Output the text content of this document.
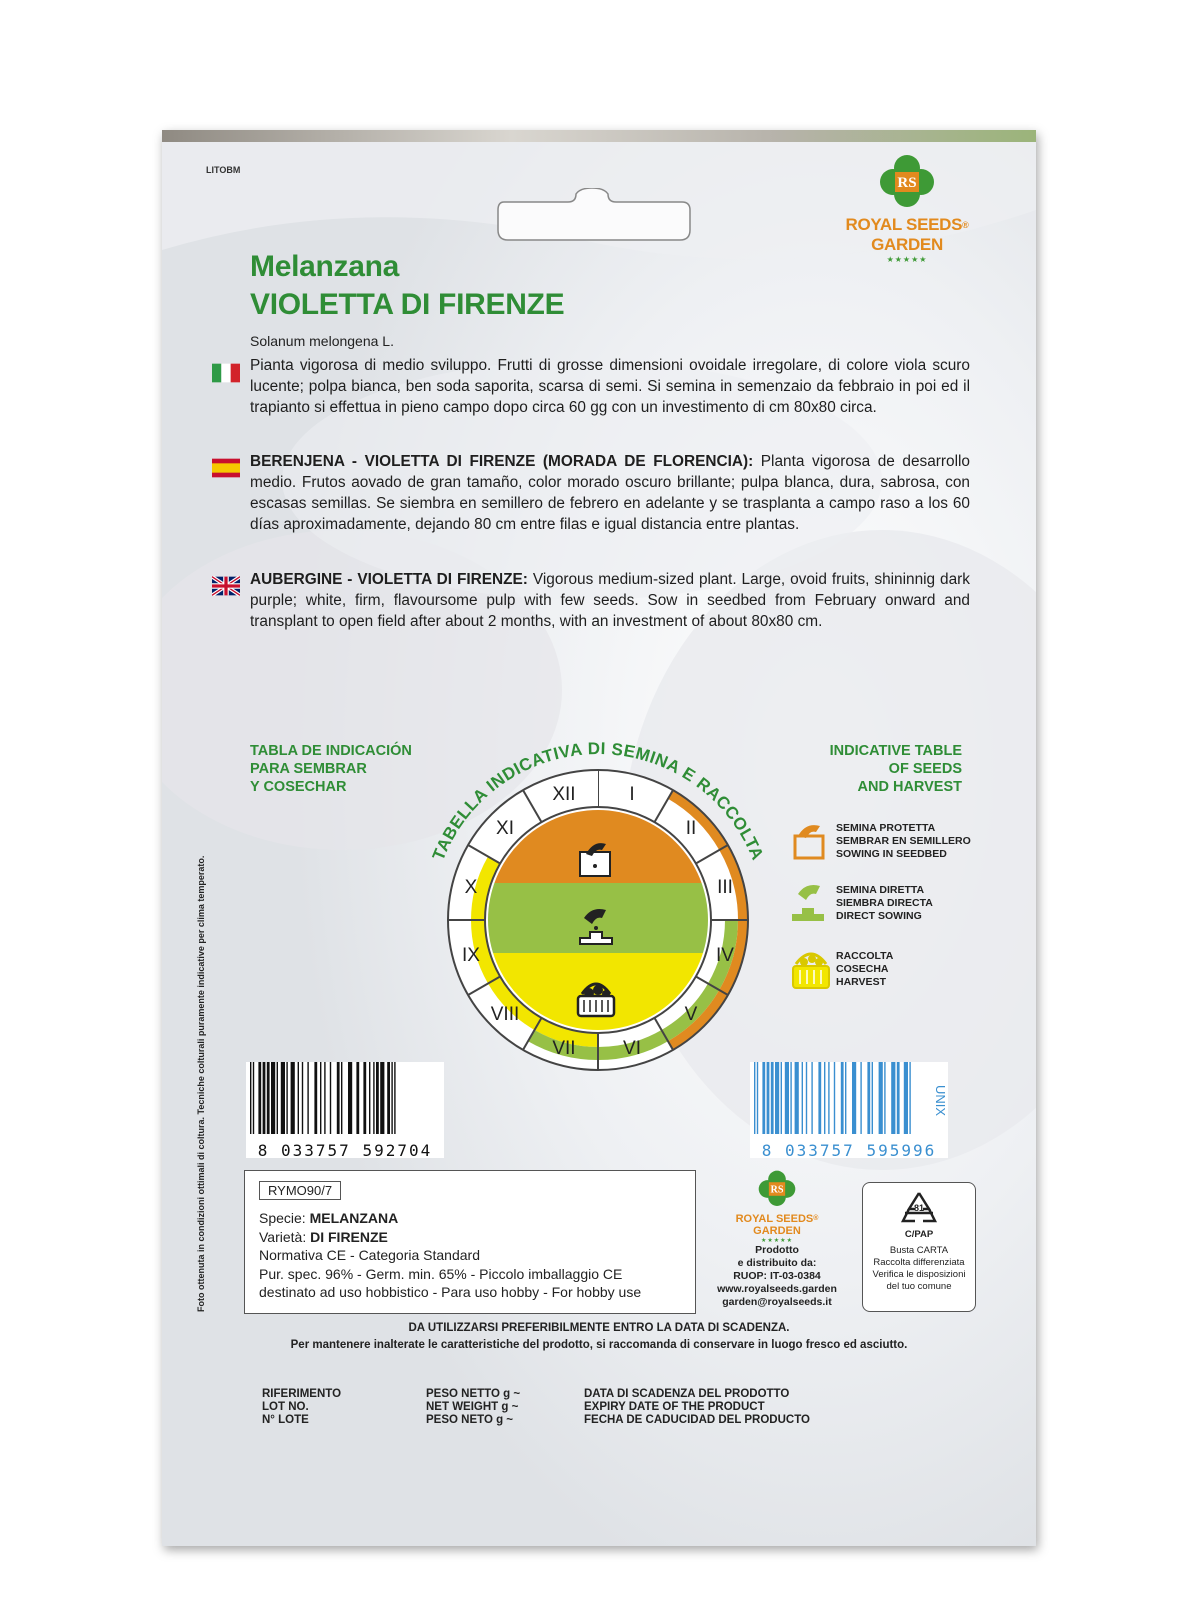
LITOBM
RS
ROYAL SEEDS®
GARDEN
★★★★★
Melanzana
VIOLETTA DI FIRENZE
Solanum melongena L.
Pianta vigorosa di medio sviluppo. Frutti di grosse dimensioni ovoidale irregolare, di colore viola scuro lucente; polpa bianca, ben soda saporita, scarsa di semi. Si semina in semenzaio da febbraio in poi ed il trapianto si effettua in pieno campo dopo circa 60 gg con un investimento di cm 80x80 circa.
BERENJENA - VIOLETTA DI FIRENZE (MORADA DE FLORENCIA): Planta vigorosa de desarrollo medio. Frutos aovado de gran tamaño, color morado oscuro brillante; pulpa blanca, dura, sabrosa, con escasas semillas. Se siembra en semillero de febrero en adelante y se trasplanta a campo raso a los 60 días aproximadamente, dejando 80 cm entre filas e igual distancia entre plantas.
AUBERGINE - VIOLETTA DI FIRENZE: Vigorous medium-sized plant. Large, ovoid fruits, shininnig dark purple; white, firm, flavoursome pulp with few seeds. Sow in seedbed from February onward and transplant to open field after about 2 months, with an investment of about 80x80 cm.
TABLA DE INDICACIÓN
PARA SEMBRAR
Y COSECHAR
INDICATIVE TABLE
OF SEEDS
AND HARVEST
I
II
III
IV
V
VI
VII
VIII
IX
X
XI
XII
TABELLA INDICATIVA DI SEMINA E RACCOLTA
SEMINA PROTETTA
SEMBRAR EN SEMILLERO
SOWING IN SEEDBED
SEMINA DIRETTA
SIEMBRA DIRECTA
DIRECT SOWING
RACCOLTA
COSECHA
HARVEST
8 033757 592704	8 033757 595996
UNIX
RYMO90/7
Specie: MELANZANA
Varietà: DI FIRENZE
Normativa CE - Categoria Standard
Pur. spec. 96% - Germ. min. 65% - Piccolo imballaggio CE
destinato ad uso hobbistico - Para uso hobby - For hobby use
RS
ROYAL SEEDS®
GARDEN
★★★★★
Prodotto
e distribuito da:
RUOP: IT-03-0384
www.royalseeds.garden
garden@royalseeds.it
81
C/PAP
Busta CARTA
Raccolta differenziata
Verifica le disposizioni
del tuo comune
DA UTILIZZARSI PREFERIBILMENTE ENTRO LA DATA DI SCADENZA.
Per mantenere inalterate le caratteristiche del prodotto, si raccomanda di conservare in luogo fresco ed asciutto.
RIFERIMENTO
LOT NO.
N° LOTE
PESO NETTO g ~
NET WEIGHT g ~
PESO NETO g ~
DATA DI SCADENZA DEL PRODOTTO
EXPIRY DATE OF THE PRODUCT
FECHA DE CADUCIDAD DEL PRODUCTO
Foto ottenuta in condizioni ottimali di coltura. Tecniche colturali puramente indicative per clima temperato.
